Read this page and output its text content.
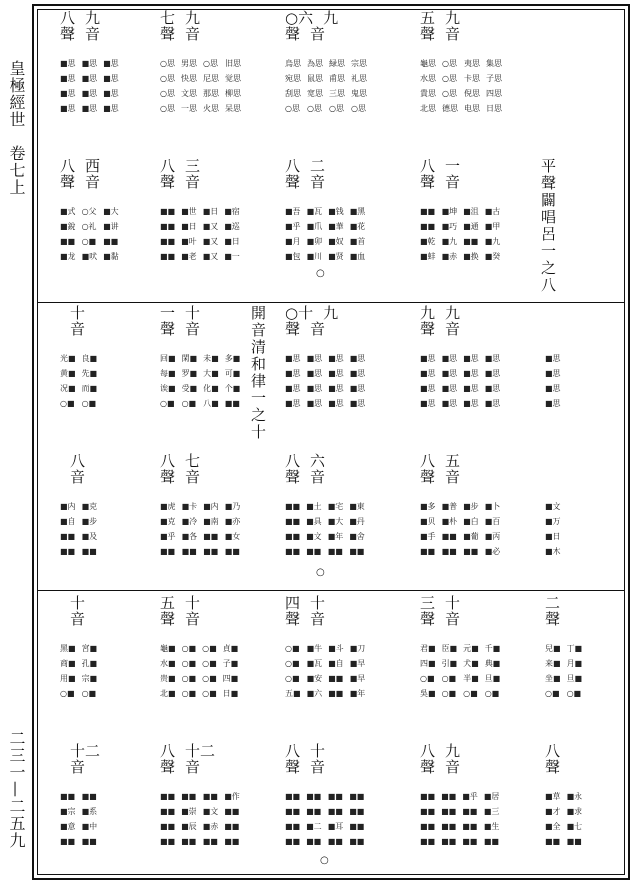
皇極經世　卷七上
二三一—二五九
平聲闢唱呂一之八
八 九
聲 音
■思
■思
■思
■思
■思
■思
■思
■思
■思
■思
■思
■思
七 九
聲 音
○思
○思
○思
○思
男思
快思
文思
一思
○思
尼思
那思
火思
旧思
觉思
柳思
呆思
○六 九
聲 音
烏思
宛思
刮思
○思
為思
鼠思
宽思
○思
緑思
甫思
三思
○思
宗思
礼思
鬼思
○思
五 九
聲 音
龜思
水思
貴思
北思
○思
○思
○思
德思
夷思
卡思
倪思
电思
集思
子思
四思
日思
八 西
聲 音
■式
■銳
■■
■龙
○父
○礼
○■
■吠
■大
■讲
■■
■黏
八 三
聲 音
■■
■■
■■
■■
■世
■日
■叶
■老
■日
■又
■又
■又
■宿
■巡
■日
■一
八 二
聲 音
■吾
■乎
■月
■包
■瓦
■爪
■卯
■川
■钱
■華
■奴
■贤
■黑
■花
■首
■血
八 一
聲 音
■■
■■
■乾
■蚌
■坤
■巧
■九
■赤
■沮
■通
■■
■换
■古
■甲
■九
■癸
開音清和律一之十
十
音
光■
黄■
况■
○■
良■
先■
而■
○■
一 十
聲 音
回■
每■
诶■
○■
閑■
罗■
受■
○■
未■
大■
化■
八■
多■
可■
个■
■■
○十 九
聲 音
■思
■思
■思
■思
■思
■思
■思
■思
■思
■思
■思
■思
■思
■思
■思
■思
九 九
聲 音
■思
■思
■思
■思
■思
■思
■思
■思
■思
■思
■思
■思
■思
■思
■思
■思
■思
■思
■思
■思
八
音
■内
■自
■■
■■
■克
■步
■及
■■
八 七
聲 音
■虎
■克
■乎
■■
■卡
■冷
■各
■■
■内
■南
■■
■■
■乃
■亦
■女
■■
八 六
聲 音
■■
■■
■■
■■
■土
■具
■文
■■
■宅
■大
■年
■■
■東
■丹
■舍
■■
八 五
聲 音
■多
■贝
■手
■■
■普
■朴
■■
■■
■步
■白
■葡
■■
■卜
■百
■丙
■必
■文
■万
■日
■木
十
音
黑■
商■
用■
○■
宮■
孔■
宗■
○■
五 十
聲 音
龜■
水■
贵■
北■
○■
○■
○■
○■
○■
○■
○■
○■
貞■
子■
四■
日■
四 十
聲 音
○■
○■
○■
五■
■牛
■瓦
■安
■六
■斗
■自
■■
■■
■刀
■早
■早
■年
三 十
聲 音
君■
四■
○■
吳■
臣■
引■
○■
○■
元■
犬■
半■
○■
千■
典■
旦■
○■
二
聲
兒■
来■
坐■
○■
丁■
月■
旦■
○■
十二
音
■■
■宗
■意
■■
■■
■系
■中
■■
八 十二
聲 音
■■
■■
■■
■■
■■
■崇
■辰
■■
■■
■文
■赤
■■
■作
■■
■■
■■
八 十
聲 音
■■
■■
■■
■■
■■
■■
■二
■■
■■
■■
■耳
■■
■■
■■
■■
■■
八 九
聲 音
■■
■■
■■
■■
■■
■■
■■
■■
■乎
■■
■■
■■
■居
■三
■生
■■
八
聲
■草
■才
■全
■■
■永
■求
■七
■■
○
○
○
